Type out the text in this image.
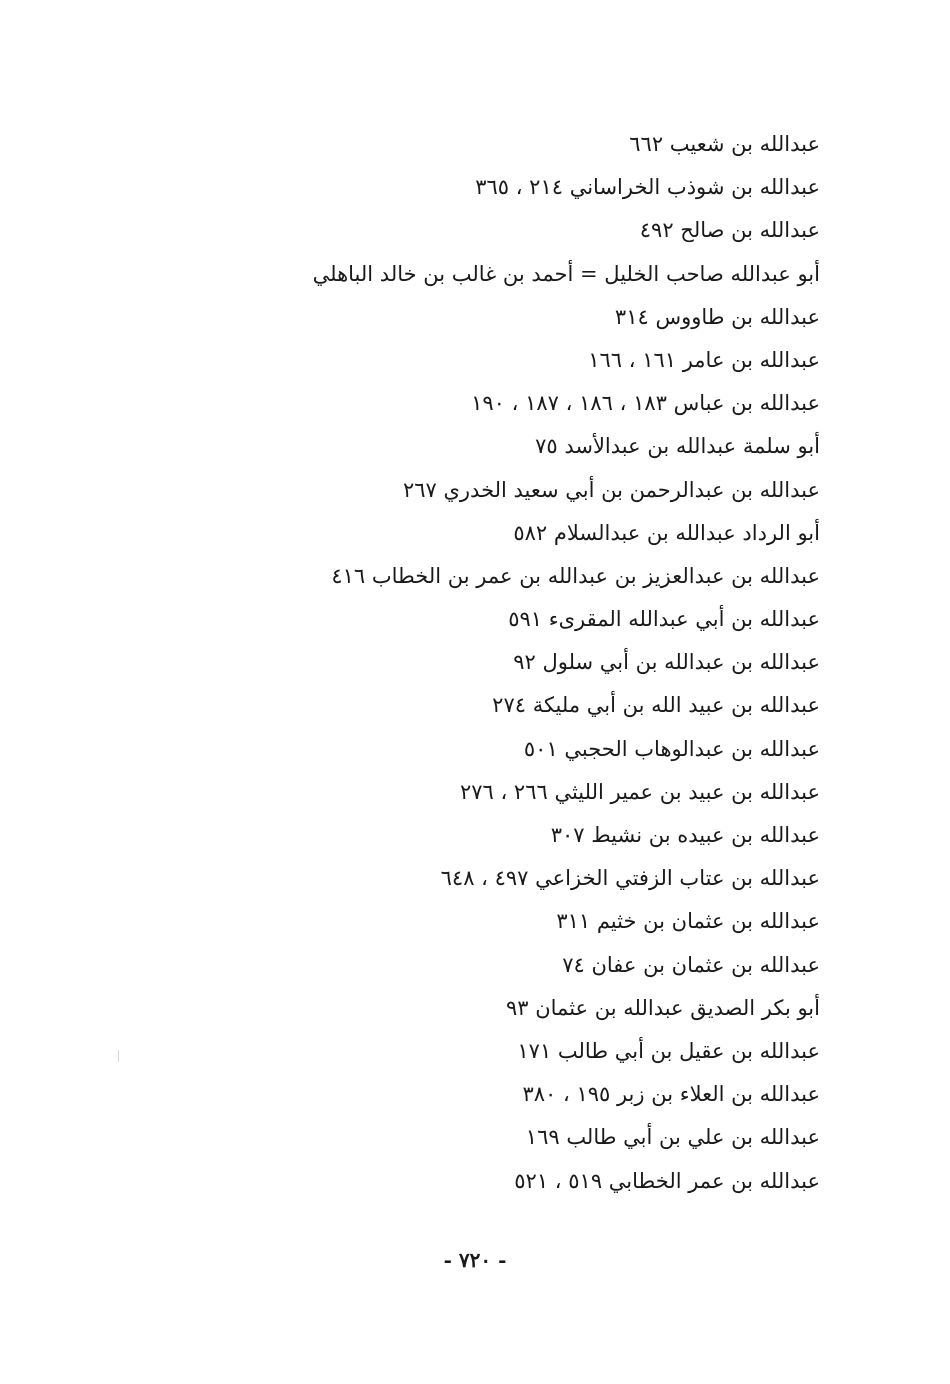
عبدالله بن شعيب ٦٦٢
عبدالله بن شوذب الخراساني ٢١٤ ، ٣٦٥
عبدالله بن صالح ٤٩٢
أبو عبدالله صاحب الخليل = أحمد بن غالب بن خالد الباهلي
عبدالله بن طاووس ٣١٤
عبدالله بن عامر ١٦١ ، ١٦٦
عبدالله بن عباس ١٨٣ ، ١٨٦ ، ١٨٧ ، ١٩٠
أبو سلمة عبدالله بن عبدالأسد ٧٥
عبدالله بن عبدالرحمن بن أبي سعيد الخدري ٢٦٧
أبو الرداد عبدالله بن عبدالسلام ٥٨٢
عبدالله بن عبدالعزيز بن عبدالله بن عمر بن الخطاب ٤١٦
عبدالله بن أبي عبدالله المقرىء ٥٩١
عبدالله بن عبدالله بن أبي سلول ٩٢
عبدالله بن عبيد الله بن أبي مليكة ٢٧٤
عبدالله بن عبدالوهاب الحجبي ٥٠١
عبدالله بن عبيد بن عمير الليثي ٢٦٦ ، ٢٧٦
عبدالله بن عبيده بن نشيط ٣٠٧
عبدالله بن عتاب الزفتي الخزاعي ٤٩٧ ، ٦٤٨
عبدالله بن عثمان بن خثيم ٣١١
عبدالله بن عثمان بن عفان ٧٤
أبو بكر الصديق عبدالله بن عثمان ٩٣
عبدالله بن عقيل بن أبي طالب ١٧١
عبدالله بن العلاء بن زبر ١٩٥ ، ٣٨٠
عبدالله بن علي بن أبي طالب ١٦٩
عبدالله بن عمر الخطابي ٥١٩ ، ٥٢١
- ٧٢٠ -
